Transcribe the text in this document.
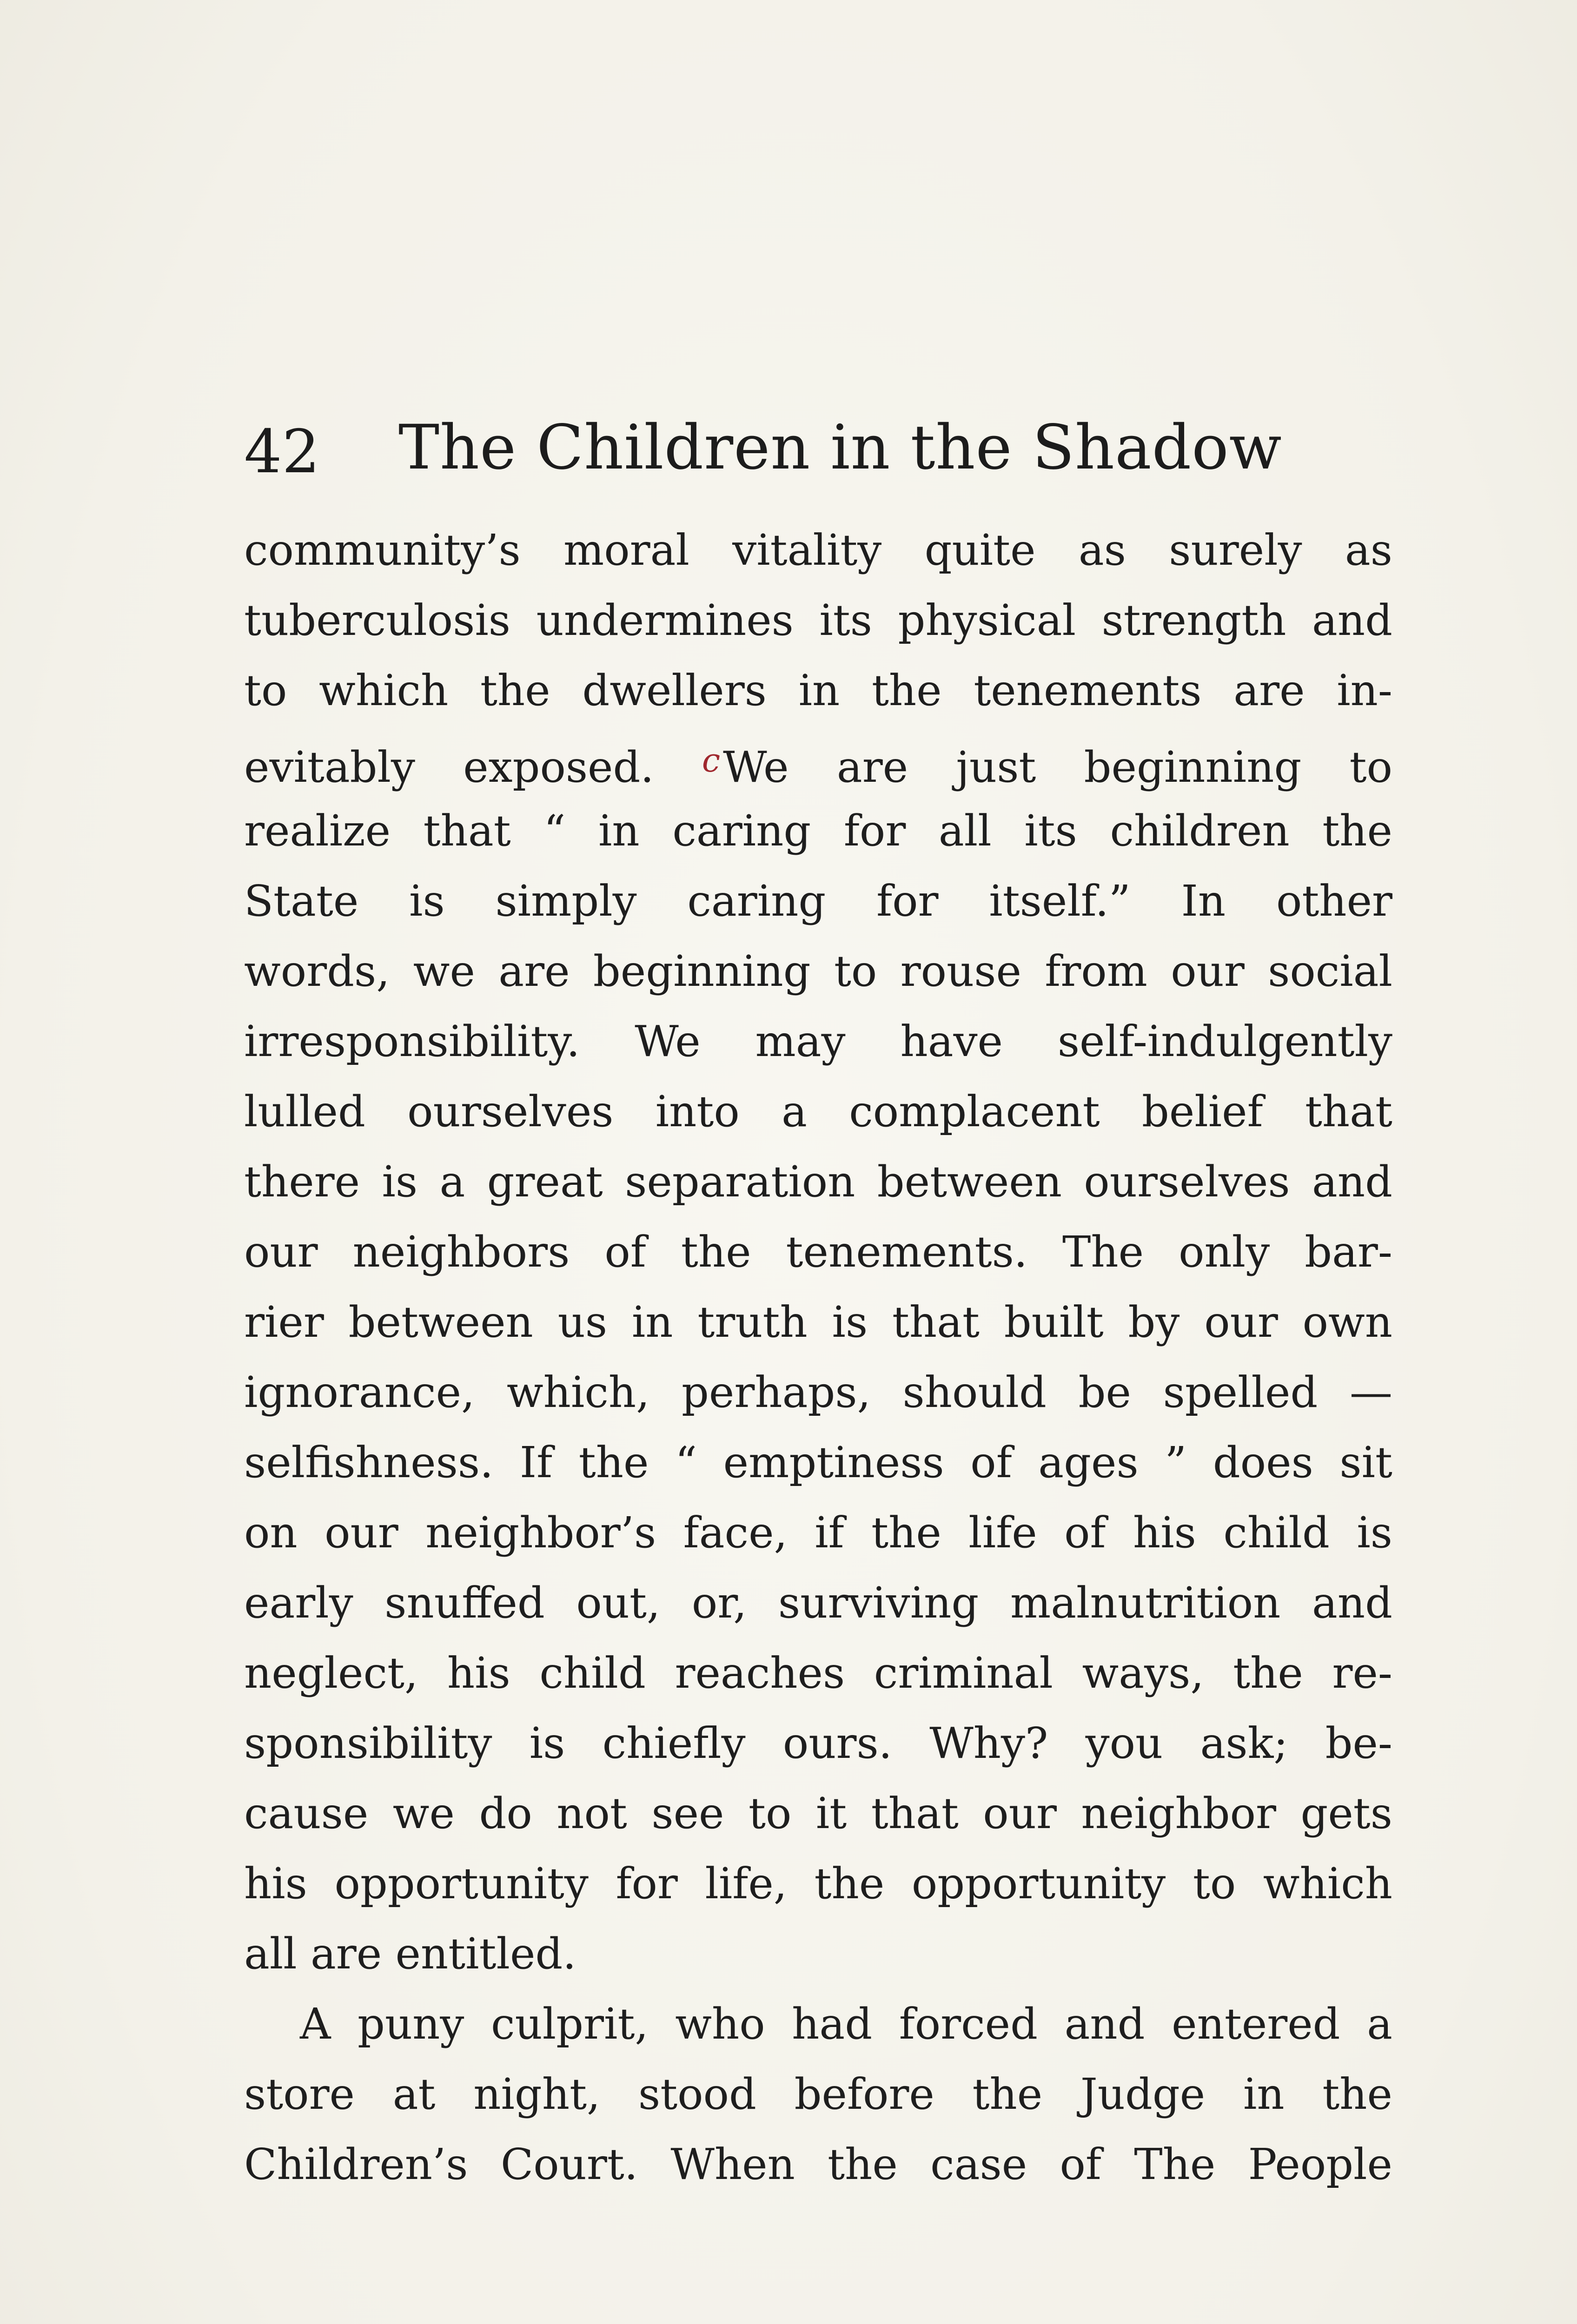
42 The Children in the Shadow
community’s moral vitality quite as surely as
tuberculosis undermines its physical strength and
to which the dwellers in the tenements are in-
evitably exposed. $^c$We are just beginning to
realize that “ in caring for all its children the
State is simply caring for itself.” In other
words, we are beginning to rouse from our social
irresponsibility. We may have self-indulgently
lulled ourselves into a complacent belief that
there is a great separation between ourselves and
our neighbors of the tenements. The only bar-
rier between us in truth is that built by our own
ignorance, which, perhaps, should be spelled —
selfishness. If the “ emptiness of ages ” does sit
on our neighbor’s face, if the life of his child is
early snuffed out, or, surviving malnutrition and
neglect, his child reaches criminal ways, the re-
sponsibility is chiefly ours. Why? you ask; be-
cause we do not see to it that our neighbor gets
his opportunity for life, the opportunity to which
all are entitled.
A puny culprit, who had forced and entered a
store at night, stood before the Judge in the
Children’s Court. When the case of The People
